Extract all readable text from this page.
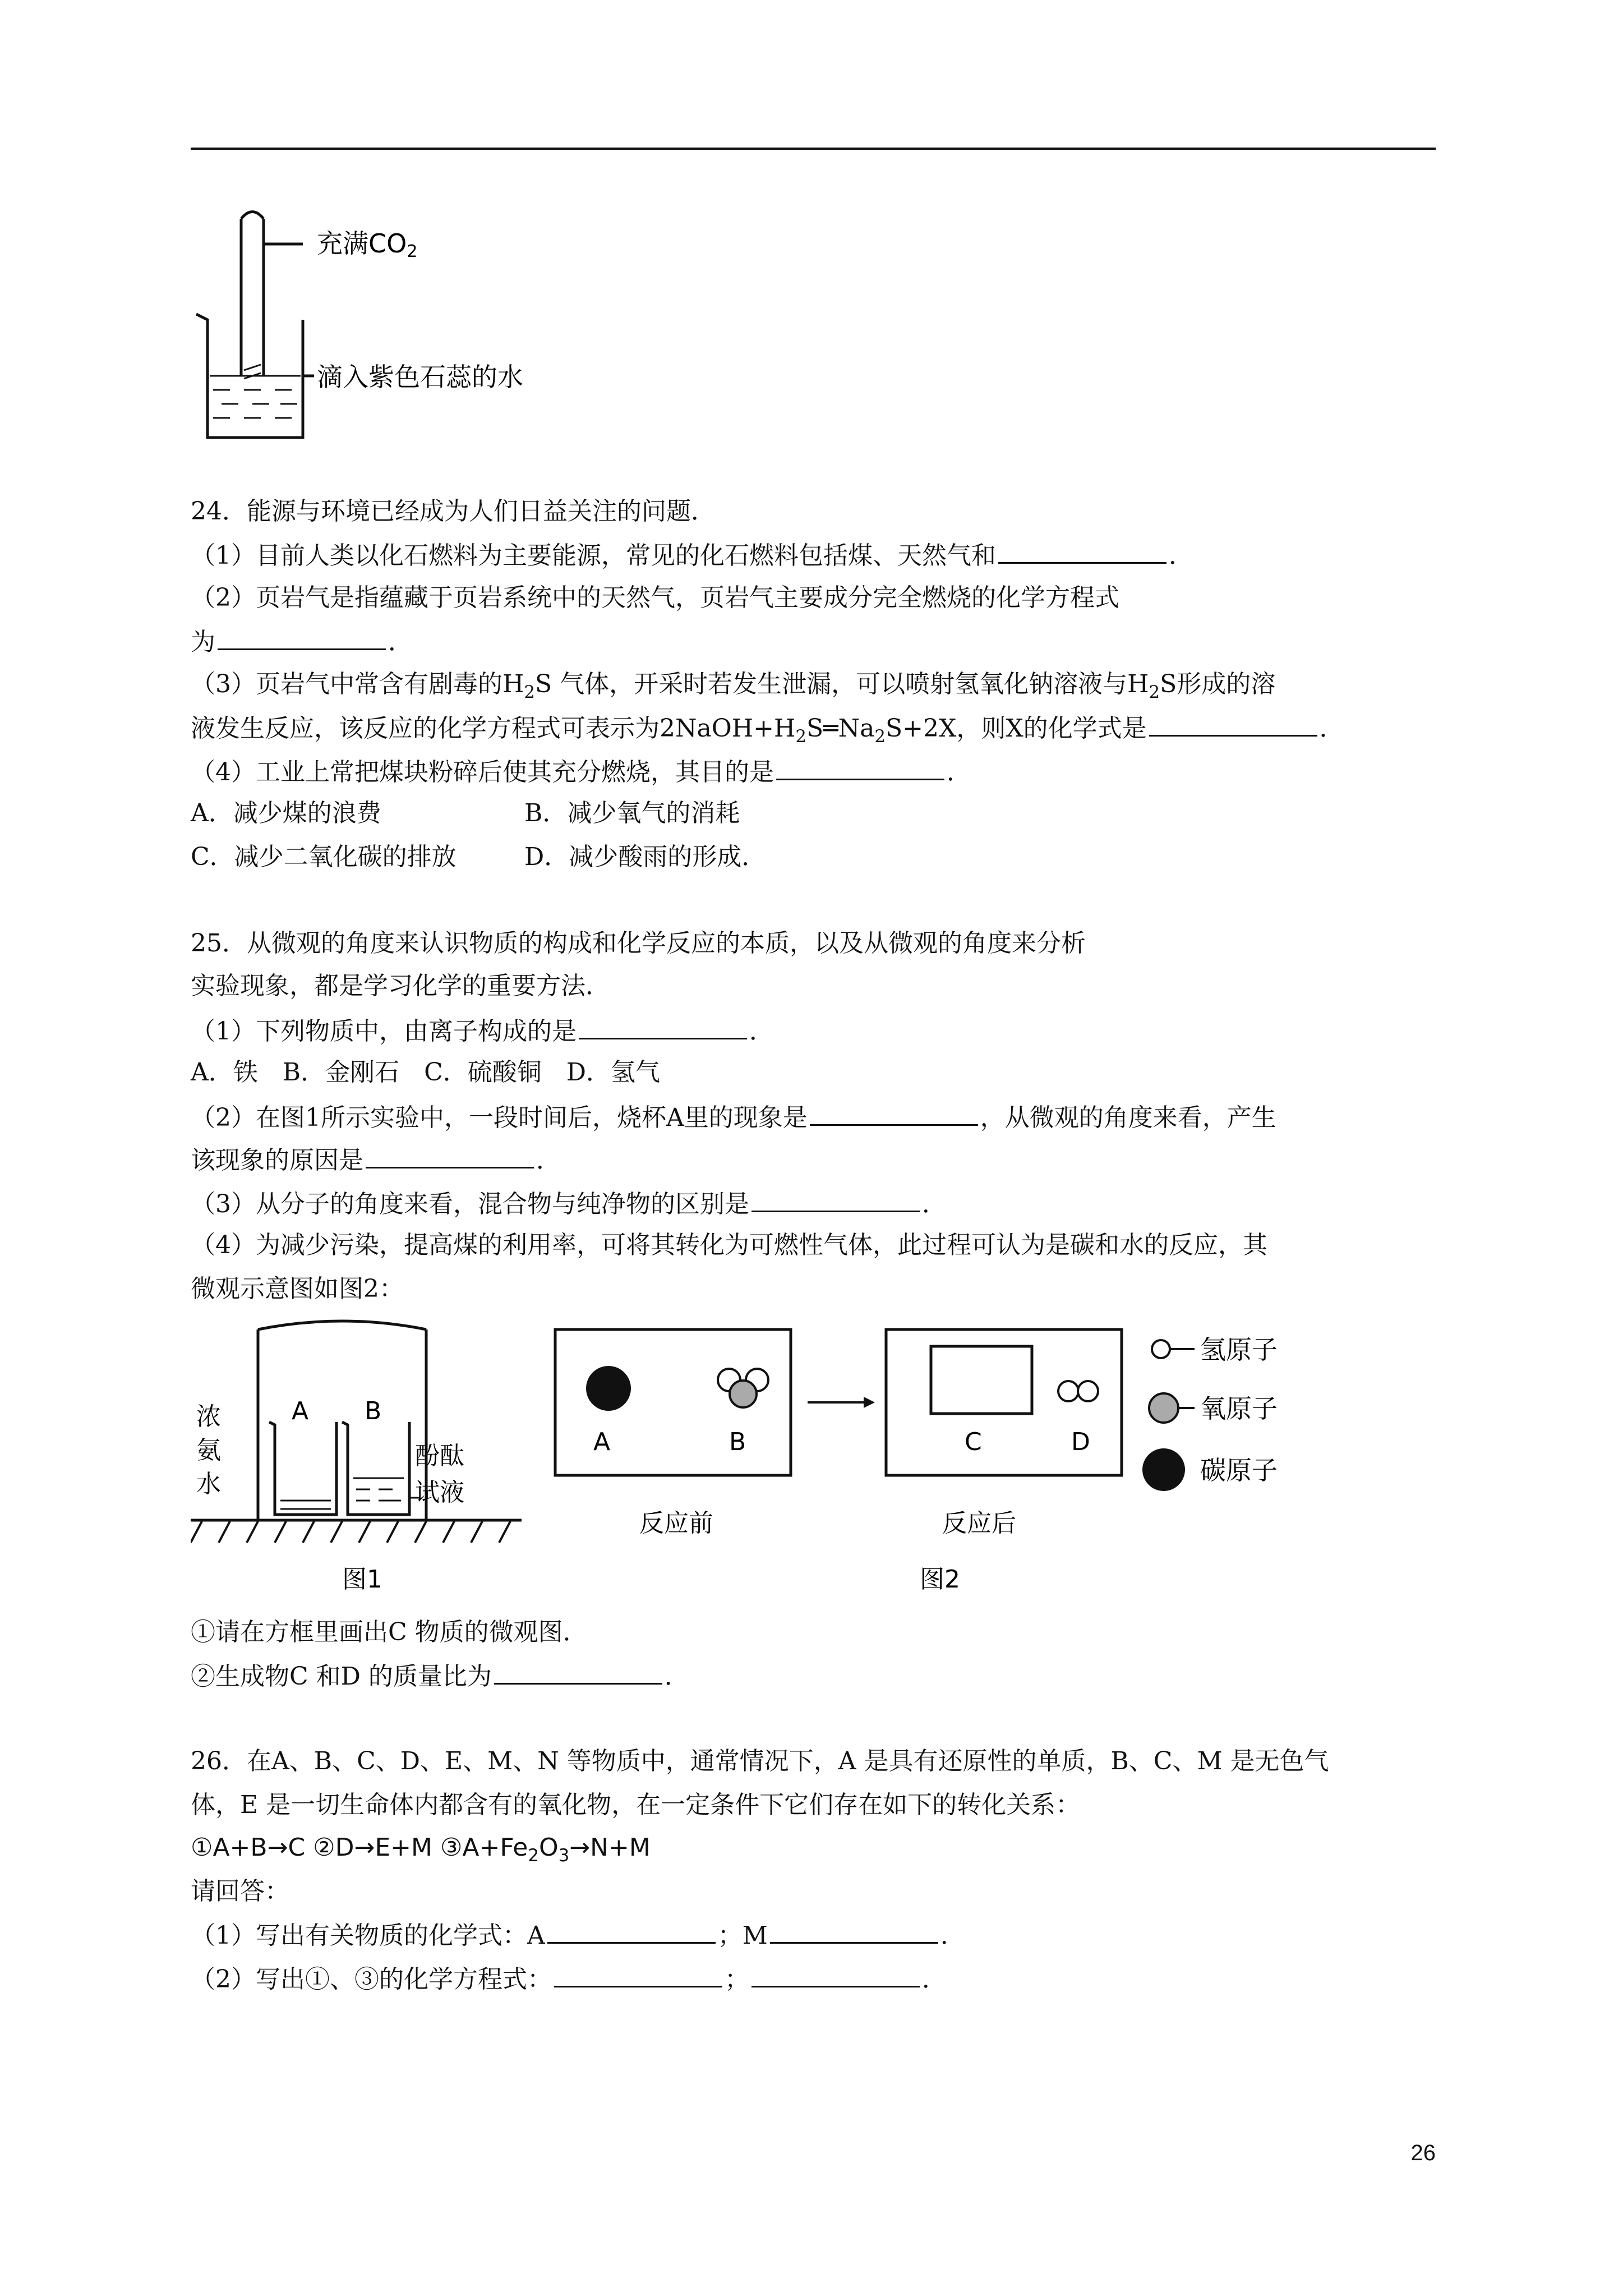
充满CO2
滴入紫色石蕊的水
24．能源与环境已经成为人们日益关注的问题．
（1）目前人类以化石燃料为主要能源，常见的化石燃料包括煤、天然气和	．
（2）页岩气是指蕴藏于页岩系统中的天然气，页岩气主要成分完全燃烧的化学方程式
为	．
（3）页岩气中常含有剧毒的$H_2S$ 气体，开采时若发生泄漏，可以喷射氢氧化钠溶液与$H_2S$形成的溶
液发生反应，该反应的化学方程式可表示为$2NaOH+H_2S═Na_2S+2X$，则X的化学式是	．
（4）工业上常把煤块粉碎后使其充分燃烧，其目的是	．
A．减少煤的浪费	B．减少氧气的消耗
C．减少二氧化碳的排放	D．减少酸雨的形成．
25．从微观的角度来认识物质的构成和化学反应的本质，以及从微观的角度来分析
实验现象，都是学习化学的重要方法．
（1）下列物质中，由离子构成的是	．
A．铁　B．金刚石　C．硫酸铜　D．氢气
（2）在图1所示实验中，一段时间后，烧杯A里的现象是	，从微观的角度来看，产生
该现象的原因是	．
（3）从分子的角度来看，混合物与纯净物的区别是	．
（4）为减少污染，提高煤的利用率，可将其转化为可燃性气体，此过程可认为是碳和水的反应，其
微观示意图如图2：
浓
氨
水
A B
酚酞
试液
图1
A	B
反应前
C	D
反应后
图2
氢原子
氧原子
碳原子
①请在方框里画出C 物质的微观图．
②生成物C 和D 的质量比为	．
26．在A、B、C、D、E、M、N 等物质中，通常情况下，A 是具有还原性的单质，B、C、M 是无色气
体，E 是一切生命体内都含有的氧化物，在一定条件下它们存在如下的转化关系：
①A+B→C ②D→E+M $③A+Fe_2O_3\to N+M$
请回答：
（1）写出有关物质的化学式：A	；M	．
（2）写出①、③的化学方程式：	；	．
26
